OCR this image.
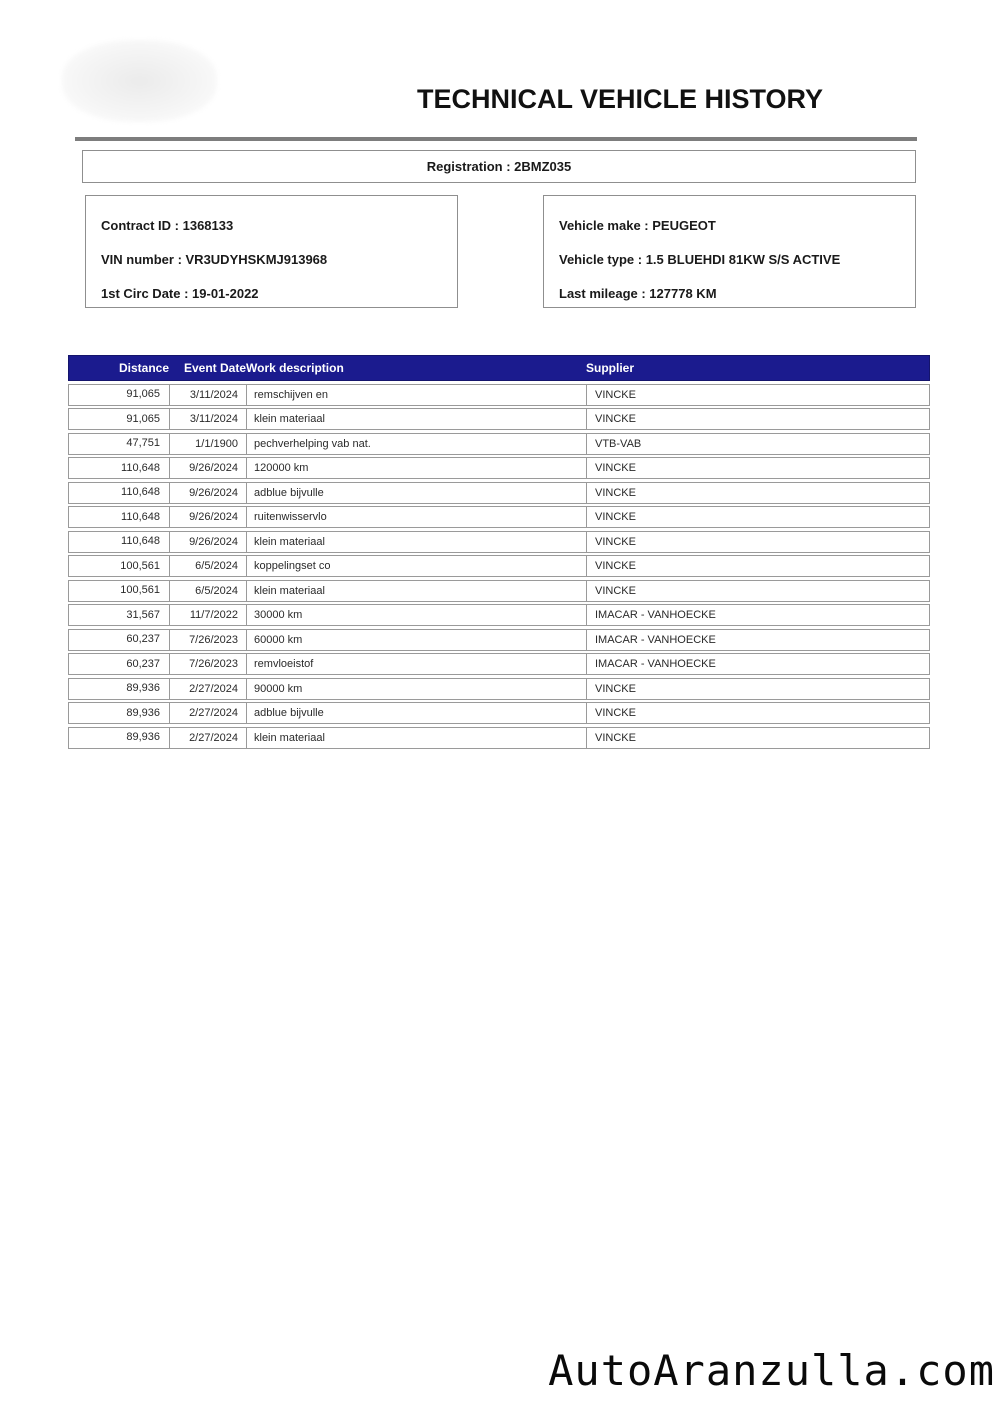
TECHNICAL VEHICLE HISTORY
Registration : 2BMZ035
Contract ID : 1368133
VIN number : VR3UDYHSKMJ913968
1st Circ Date : 19-01-2022
Vehicle make : PEUGEOT
Vehicle type : 1.5 BLUEHDI 81KW S/S ACTIVE
Last mileage : 127778 KM
Distance	Event Date Work description	Supplier
91,065	3/11/2024	remschijven en	VINCKE
91,065	3/11/2024	klein materiaal	VINCKE
47,751	1/1/1900	pechverhelping vab nat.	VTB-VAB
110,648	9/26/2024	120000 km	VINCKE
110,648	9/26/2024	adblue bijvulle	VINCKE
110,648	9/26/2024	ruitenwisservlo	VINCKE
110,648	9/26/2024	klein materiaal	VINCKE
100,561	6/5/2024	koppelingset co	VINCKE
100,561	6/5/2024	klein materiaal	VINCKE
31,567	11/7/2022	30000 km	IMACAR - VANHOECKE
60,237	7/26/2023	60000 km	IMACAR - VANHOECKE
60,237	7/26/2023	remvloeistof	IMACAR - VANHOECKE
89,936	2/27/2024	90000 km	VINCKE
89,936	2/27/2024	adblue bijvulle	VINCKE
89,936	2/27/2024	klein materiaal	VINCKE
AutoAranzulla.com
